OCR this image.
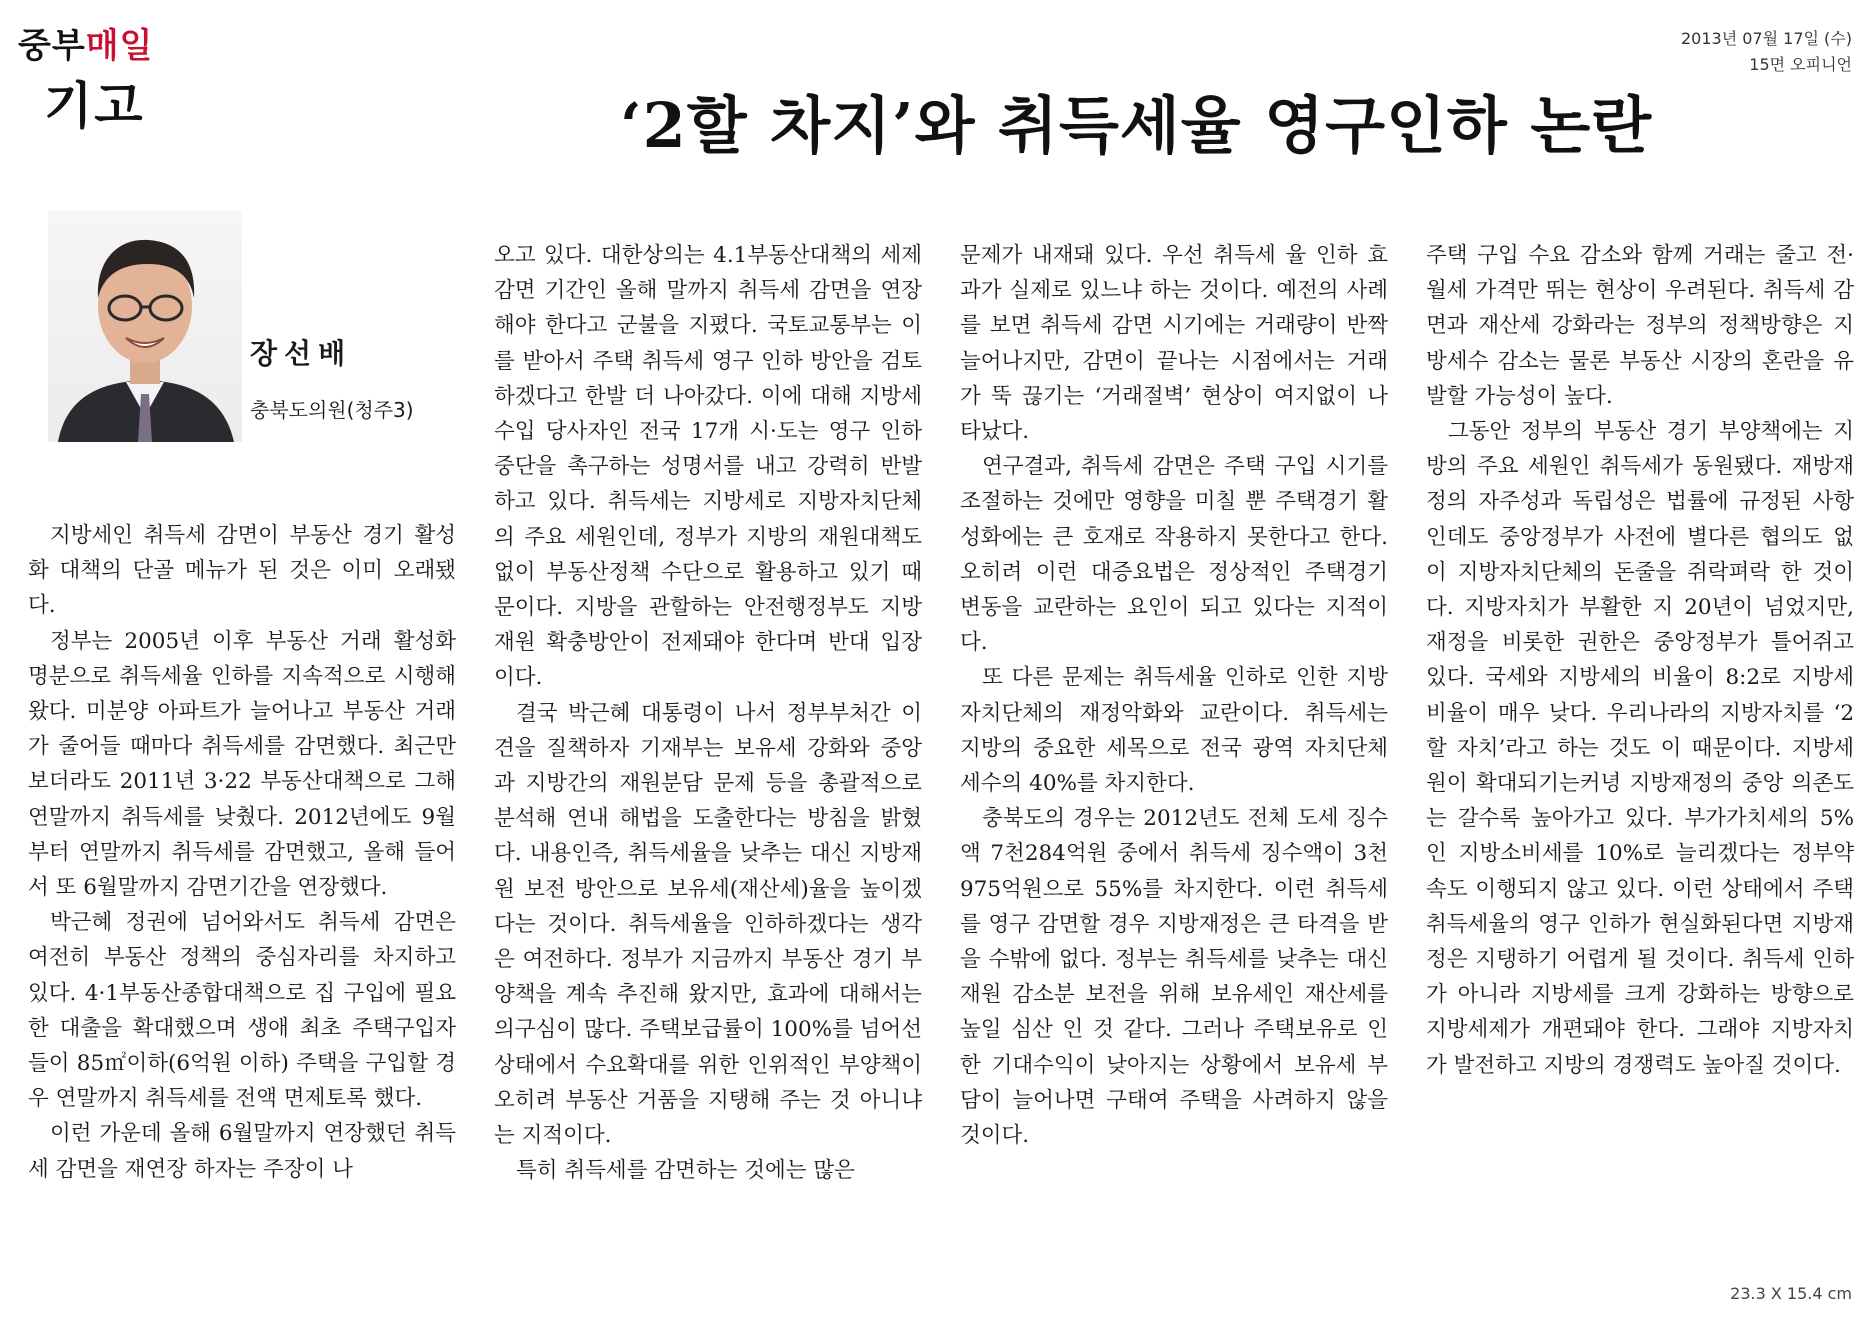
중부매일
기고
2013년 07월 17일 (수)
15면 오피니언
‘2할 차지’와 취득세율 영구인하 논란
장선배
충북도의원(청주3)

지방세인 취득세 감면이 부동산 경기 활성화 대책의 단골 메뉴가 된 것은 이미 오래됐다.

정부는 2005년 이후 부동산 거래 활성화 명분으로 취득세율 인하를 지속적으로 시행해 왔다. 미분양 아파트가 늘어나고 부동산 거래가 줄어들 때마다 취득세를 감면했다. 최근만 보더라도 2011년 3·22 부동산대책으로 그해 연말까지 취득세를 낮췄다. 2012년에도 9월부터 연말까지 취득세를 감면했고, 올해 들어서 또 6월말까지 감면기간을 연장했다.

박근혜 정권에 넘어와서도 취득세 감면은 여전히 부동산 정책의 중심자리를 차지하고 있다. 4·1부동산종합대책으로 집 구입에 필요한 대출을 확대했으며 생애 최초 주택구입자들이 85㎡이하(6억원 이하) 주택을 구입할 경우 연말까지 취득세를 전액 면제토록 했다.

이런 가운데 올해 6월말까지 연장했던 취득세 감면을 재연장 하자는 주장이 나

오고 있다. 대한상의는 4.1부동산대책의 세제감면 기간인 올해 말까지 취득세 감면을 연장해야 한다고 군불을 지폈다. 국토교통부는 이를 받아서 주택 취득세 영구 인하 방안을 검토하겠다고 한발 더 나아갔다. 이에 대해 지방세 수입 당사자인 전국 17개 시·도는 영구 인하 중단을 촉구하는 성명서를 내고 강력히 반발하고 있다. 취득세는 지방세로 지방자치단체의 주요 세원인데, 정부가 지방의 재원대책도 없이 부동산정책 수단으로 활용하고 있기 때문이다. 지방을 관할하는 안전행정부도 지방재원 확충방안이 전제돼야 한다며 반대 입장이다.

결국 박근혜 대통령이 나서 정부부처간 이견을 질책하자 기재부는 보유세 강화와 중앙과 지방간의 재원분담 문제 등을 총괄적으로 분석해 연내 해법을 도출한다는 방침을 밝혔다. 내용인즉, 취득세율을 낮추는 대신 지방재원 보전 방안으로 보유세(재산세)율을 높이겠다는 것이다. 취득세율을 인하하겠다는 생각은 여전하다. 정부가 지금까지 부동산 경기 부양책을 계속 추진해 왔지만, 효과에 대해서는 의구심이 많다. 주택보급률이 100%를 넘어선 상태에서 수요확대를 위한 인위적인 부양책이 오히려 부동산 거품을 지탱해 주는 것 아니냐는 지적이다.

특히 취득세를 감면하는 것에는 많은

문제가 내재돼 있다. 우선 취득세 율 인하 효과가 실제로 있느냐 하는 것이다. 예전의 사례를 보면 취득세 감면 시기에는 거래량이 반짝 늘어나지만, 감면이 끝나는 시점에서는 거래가 뚝 끊기는 ‘거래절벽’ 현상이 여지없이 나타났다.

연구결과, 취득세 감면은 주택 구입 시기를 조절하는 것에만 영향을 미칠 뿐 주택경기 활성화에는 큰 호재로 작용하지 못한다고 한다. 오히려 이런 대증요법은 정상적인 주택경기 변동을 교란하는 요인이 되고 있다는 지적이다.

또 다른 문제는 취득세율 인하로 인한 지방자치단체의 재정악화와 교란이다. 취득세는 지방의 중요한 세목으로 전국 광역 자치단체 세수의 40%를 차지한다.

충북도의 경우는 2012년도 전체 도세 징수액 7천284억원 중에서 취득세 징수액이 3천975억원으로 55%를 차지한다. 이런 취득세를 영구 감면할 경우 지방재정은 큰 타격을 받을 수밖에 없다. 정부는 취득세를 낮추는 대신 재원 감소분 보전을 위해 보유세인 재산세를 높일 심산 인 것 같다. 그러나 주택보유로 인한 기대수익이 낮아지는 상황에서 보유세 부담이 늘어나면 구태여 주택을 사려하지 않을 것이다.

주택 구입 수요 감소와 함께 거래는 줄고 전·월세 가격만 뛰는 현상이 우려된다. 취득세 감면과 재산세 강화라는 정부의 정책방향은 지방세수 감소는 물론 부동산 시장의 혼란을 유발할 가능성이 높다.

그동안 정부의 부동산 경기 부양책에는 지방의 주요 세원인 취득세가 동원됐다. 재방재정의 자주성과 독립성은 법률에 규정된 사항인데도 중앙정부가 사전에 별다른 협의도 없이 지방자치단체의 돈줄을 쥐락펴락 한 것이다. 지방자치가 부활한 지 20년이 넘었지만, 재정을 비롯한 권한은 중앙정부가 틀어쥐고 있다. 국세와 지방세의 비율이 8:2로 지방세 비율이 매우 낮다. 우리나라의 지방자치를 ‘2할 자치’라고 하는 것도 이 때문이다. 지방세원이 확대되기는커녕 지방재정의 중앙 의존도는 갈수록 높아가고 있다. 부가가치세의 5%인 지방소비세를 10%로 늘리겠다는 정부약속도 이행되지 않고 있다. 이런 상태에서 주택 취득세율의 영구 인하가 현실화된다면 지방재정은 지탱하기 어렵게 될 것이다. 취득세 인하가 아니라 지방세를 크게 강화하는 방향으로 지방세제가 개편돼야 한다. 그래야 지방자치가 발전하고 지방의 경쟁력도 높아질 것이다.

23.3 X 15.4 cm
